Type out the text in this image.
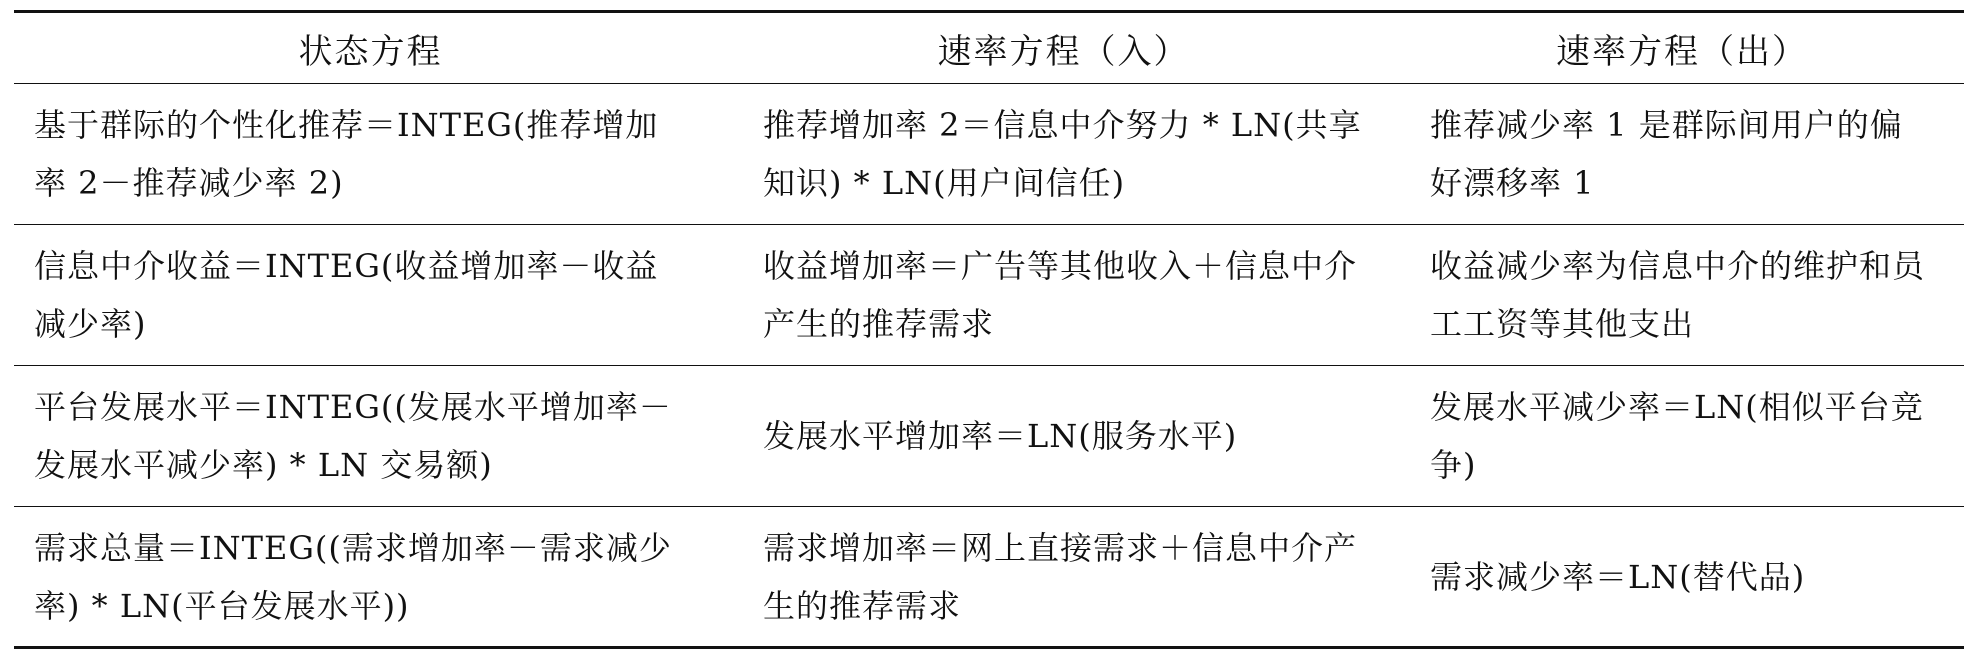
状态方程	速率方程（入）	速率方程（出）
基于群际的个性化推荐＝INTEG(推荐增加率 2－推荐减少率 2)	推荐增加率 2＝信息中介努力 * LN(共享知识) * LN(用户间信任)	推荐减少率 1 是群际间用户的偏好漂移率 1
信息中介收益＝INTEG(收益增加率－收益减少率)	收益增加率＝广告等其他收入＋信息中介产生的推荐需求	收益减少率为信息中介的维护和员工工资等其他支出
平台发展水平＝INTEG((发展水平增加率－发展水平减少率) * LN 交易额)	发展水平增加率＝LN(服务水平)	发展水平减少率＝LN(相似平台竞争)
需求总量＝INTEG((需求增加率－需求减少率) * LN(平台发展水平))	需求增加率＝网上直接需求＋信息中介产生的推荐需求	需求减少率＝LN(替代品)
